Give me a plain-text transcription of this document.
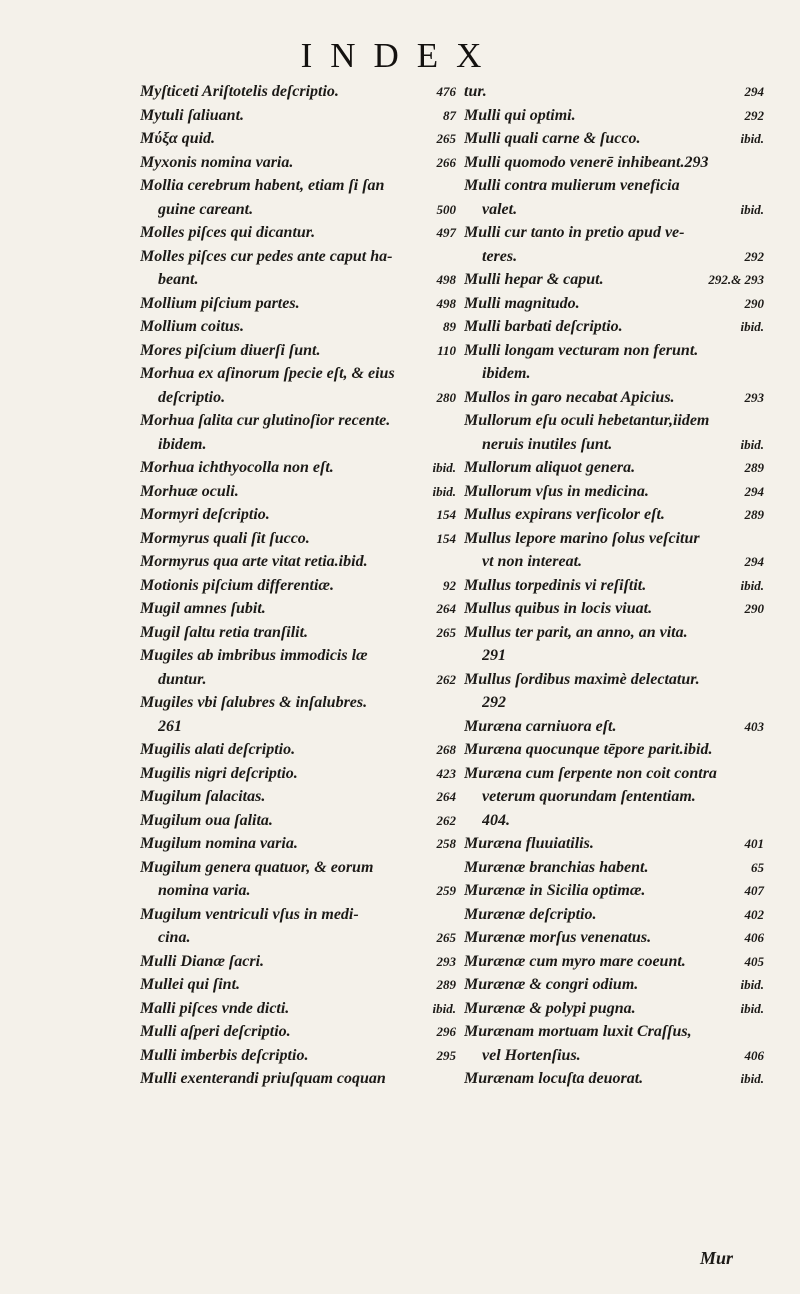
INDEX
Myſticeti Ariſtotelis deſcriptio.	476
Mytuli ſaliuant.	87
Μύξα quid.	265
Myxonis nomina varia.	266
Mollia cerebrum habent, etiam ſi ſan
guine careant.	500
Molles piſces qui dicantur.	497
Molles piſces cur pedes ante caput ha-
beant.	498
Mollium piſcium partes.	498
Mollium coitus.	89
Mores piſcium diuerſi ſunt.	110
Morhua ex aſinorum ſpecie eſt, & eius
deſcriptio.	280
Morhua ſalita cur glutinoſior recente.
ibidem.
Morhua ichthyocolla non eſt.	ibid.
Morhuæ oculi.	ibid.
Mormyri deſcriptio.	154
Mormyrus quali ſit ſucco.	154
Mormyrus qua arte vitat retia.ibid.
Motionis piſcium differentiæ.	92
Mugil amnes ſubit.	264
Mugil ſaltu retia tranſilit.	265
Mugiles ab imbribus immodicis læ
duntur.	262
Mugiles vbi ſalubres & inſalubres.
261
Mugilis alati deſcriptio.	268
Mugilis nigri deſcriptio.	423
Mugilum ſalacitas.	264
Mugilum oua ſalita.	262
Mugilum nomina varia.	258
Mugilum genera quatuor, & eorum
nomina varia.	259
Mugilum ventriculi vſus in medi-
cina.	265
Mulli Dianæ ſacri.	293
Mullei qui ſint.	289
Malli piſces vnde dicti.	ibid.
Mulli aſperi deſcriptio.	296
Mulli imberbis deſcriptio.	295
Mulli exenterandi priuſquam coquan
tur.	294
Mulli qui optimi.	292
Mulli quali carne & ſucco.	ibid.
Mulli quomodo venerē inhibeant.293
Mulli contra mulierum veneficia
valet.	ibid.
Mulli cur tanto in pretio apud ve-
teres.	292
Mulli hepar & caput.	292.& 293
Mulli magnitudo.	290
Mulli barbati deſcriptio.	ibid.
Mulli longam vecturam non ferunt.
ibidem.
Mullos in garo necabat Apicius.	293
Mullorum eſu oculi hebetantur,iidem
neruis inutiles ſunt.	ibid.
Mullorum aliquot genera.	289
Mullorum vſus in medicina.	294
Mullus expirans verſicolor eſt.	289
Mullus lepore marino ſolus veſcitur
vt non intereat.	294
Mullus torpedinis vi reſiſtit.	ibid.
Mullus quibus in locis viuat.	290
Mullus ter parit, an anno, an vita.
291
Mullus ſordibus maximè delectatur.
292
Muræna carniuora eſt.	403
Muræna quocunque tēpore parit.ibid.
Muræna cum ſerpente non coit contra
veterum quorundam ſententiam.
404.
Muræna fluuiatilis.	401
Murænæ branchias habent.	65
Murænæ in Sicilia optimæ.	407
Murænæ deſcriptio.	402
Murænæ morſus venenatus.	406
Murænæ cum myro mare coeunt.	405
Murænæ & congri odium.	ibid.
Murænæ & polypi pugna.	ibid.
Murænam mortuam luxit Craſſus,
vel Hortenſius.	406
Murænam locuſta deuorat.	ibid.
Mur
